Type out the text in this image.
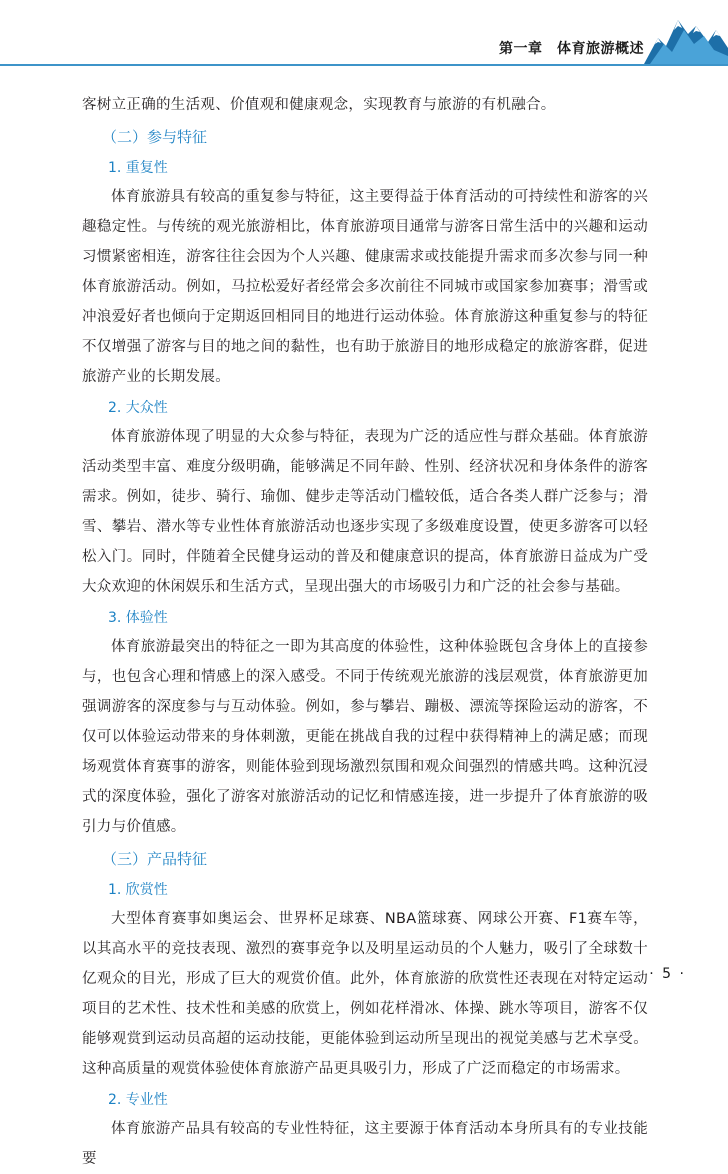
第一章　体育旅游概述

客树立正确的生活观、价值观和健康观念，实现教育与旅游的有机融合。

（二）参与特征
1. 重复性

体育旅游具有较高的重复参与特征，这主要得益于体育活动的可持续性和游客的兴趣稳定性。与传统的观光旅游相比，体育旅游项目通常与游客日常生活中的兴趣和运动习惯紧密相连，游客往往会因为个人兴趣、健康需求或技能提升需求而多次参与同一种体育旅游活动。例如，马拉松爱好者经常会多次前往不同城市或国家参加赛事；滑雪或冲浪爱好者也倾向于定期返回相同目的地进行运动体验。体育旅游这种重复参与的特征不仅增强了游客与目的地之间的黏性，也有助于旅游目的地形成稳定的旅游客群，促进旅游产业的长期发展。

2. 大众性

体育旅游体现了明显的大众参与特征，表现为广泛的适应性与群众基础。体育旅游活动类型丰富、难度分级明确，能够满足不同年龄、性别、经济状况和身体条件的游客需求。例如，徒步、骑行、瑜伽、健步走等活动门槛较低，适合各类人群广泛参与；滑雪、攀岩、潜水等专业性体育旅游活动也逐步实现了多级难度设置，使更多游客可以轻松入门。同时，伴随着全民健身运动的普及和健康意识的提高，体育旅游日益成为广受大众欢迎的休闲娱乐和生活方式，呈现出强大的市场吸引力和广泛的社会参与基础。

3. 体验性

体育旅游最突出的特征之一即为其高度的体验性，这种体验既包含身体上的直接参与，也包含心理和情感上的深入感受。不同于传统观光旅游的浅层观赏，体育旅游更加强调游客的深度参与与互动体验。例如，参与攀岩、蹦极、漂流等探险运动的游客，不仅可以体验运动带来的身体刺激，更能在挑战自我的过程中获得精神上的满足感；而现场观赏体育赛事的游客，则能体验到现场激烈氛围和观众间强烈的情感共鸣。这种沉浸式的深度体验，强化了游客对旅游活动的记忆和情感连接，进一步提升了体育旅游的吸引力与价值感。

（三）产品特征
1. 欣赏性

大型体育赛事如奥运会、世界杯足球赛、NBA篮球赛、网球公开赛、F1赛车等，以其高水平的竞技表现、激烈的赛事竞争以及明星运动员的个人魅力，吸引了全球数十亿观众的目光，形成了巨大的观赏价值。此外，体育旅游的欣赏性还表现在对特定运动项目的艺术性、技术性和美感的欣赏上，例如花样滑冰、体操、跳水等项目，游客不仅能够观赏到运动员高超的运动技能，更能体验到运动所呈现出的视觉美感与艺术享受。这种高质量的观赏体验使体育旅游产品更具吸引力，形成了广泛而稳定的市场需求。

2. 专业性

体育旅游产品具有较高的专业性特征，这主要源于体育活动本身所具有的专业技能要

· 5 ·
